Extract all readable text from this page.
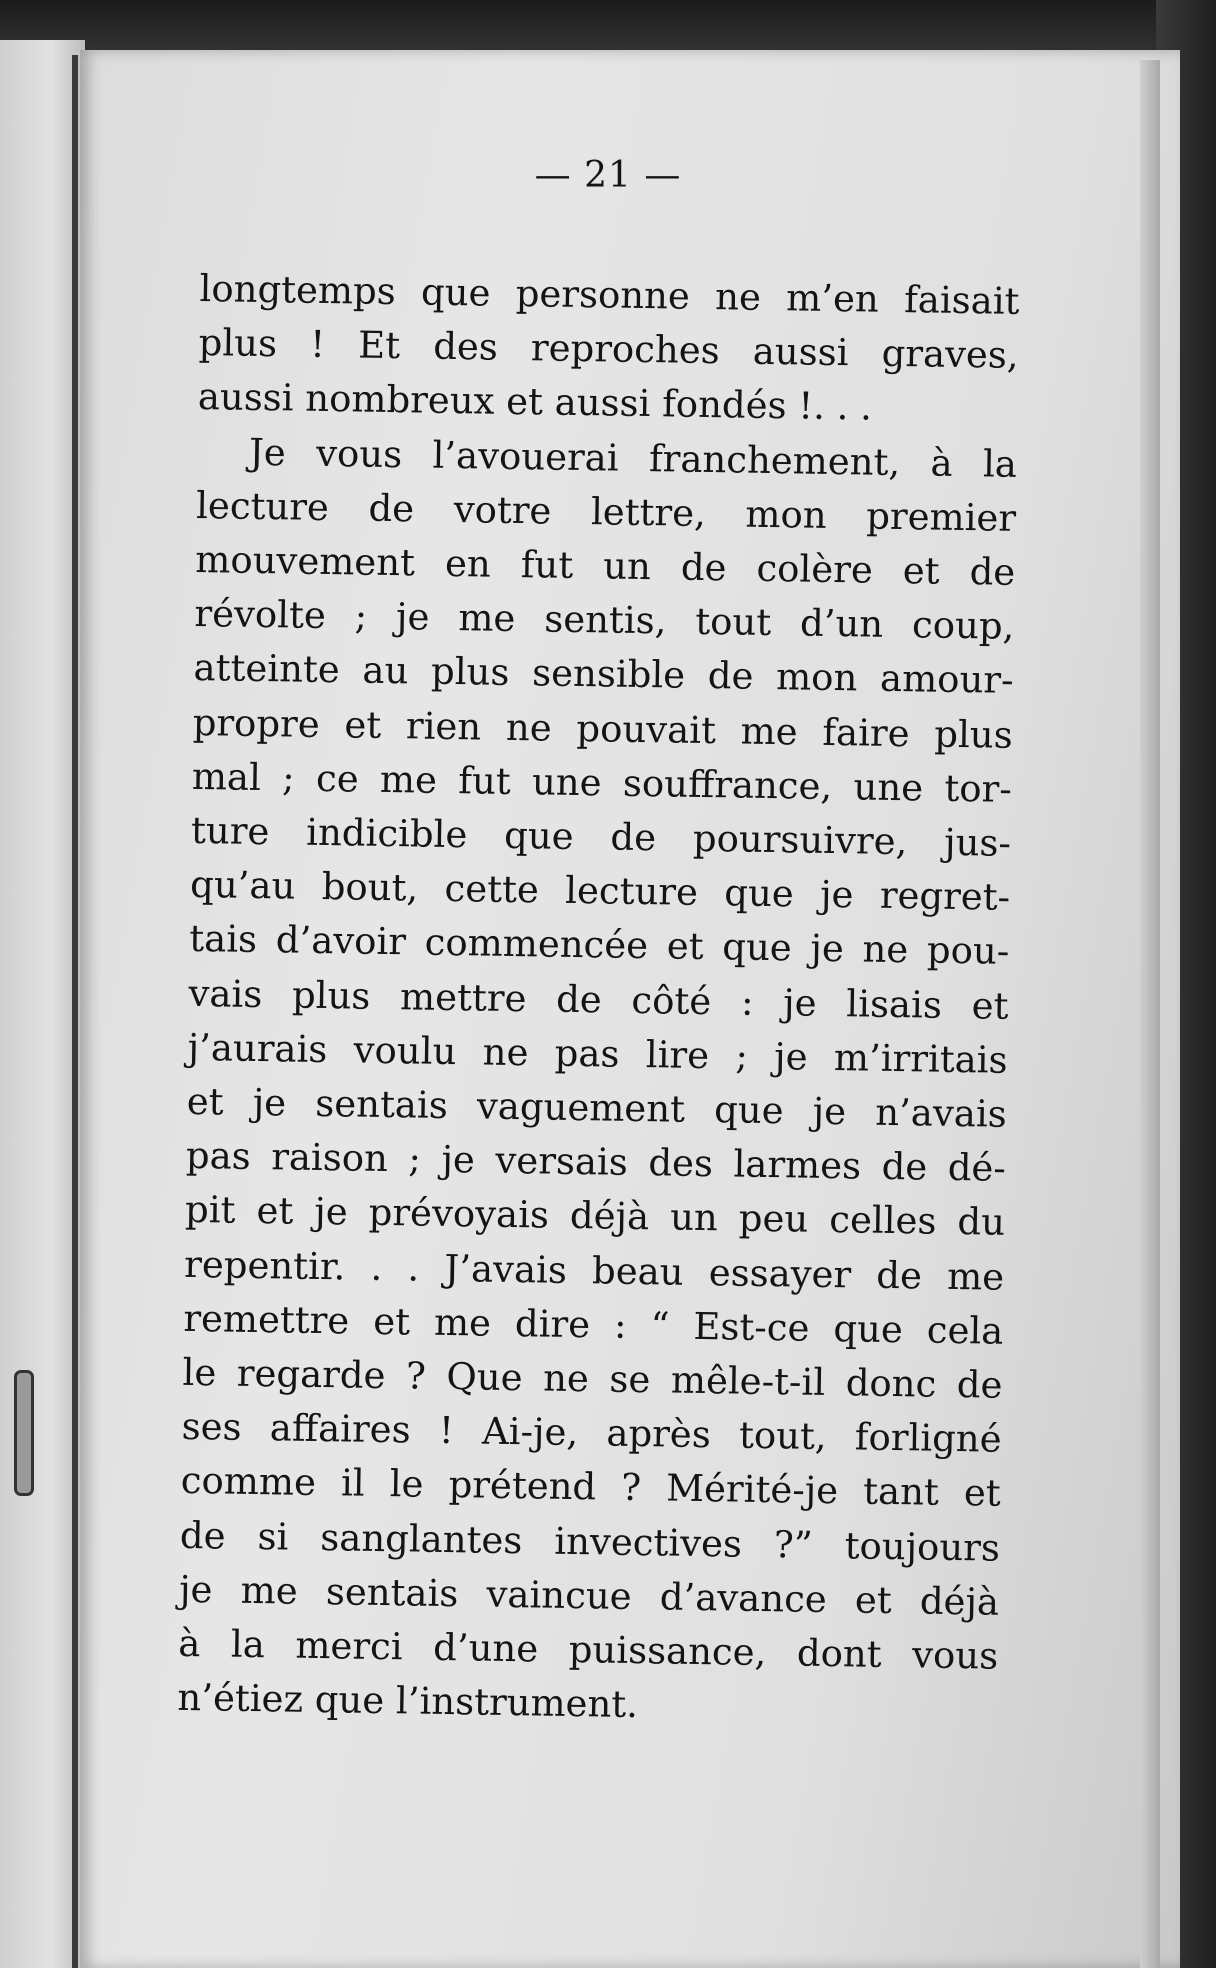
— 21 —
longtemps que personne ne m’en faisait
plus ! Et des reproches aussi graves,
aussi nombreux et aussi fondés !. . .
Je vous l’avouerai franchement, à la
lecture de votre lettre, mon premier
mouvement en fut un de colère et de
révolte ; je me sentis, tout d’un coup,
atteinte au plus sensible de mon amour-
propre et rien ne pouvait me faire plus
mal ; ce me fut une souffrance, une tor-
ture indicible que de poursuivre, jus-
qu’au bout, cette lecture que je regret-
tais d’avoir commencée et que je ne pou-
vais plus mettre de côté : je lisais et
j’aurais voulu ne pas lire ; je m’irritais
et je sentais vaguement que je n’avais
pas raison ; je versais des larmes de dé-
pit et je prévoyais déjà un peu celles du
repentir. . . J’avais beau essayer de me
remettre et me dire : “ Est-ce que cela
le regarde ? Que ne se mêle-t-il donc de
ses affaires ! Ai-je, après tout, forligné
comme il le prétend ? Mérité-je tant et
de si sanglantes invectives ?” toujours
je me sentais vaincue d’avance et déjà
à la merci d’une puissance, dont vous
n’étiez que l’instrument.
